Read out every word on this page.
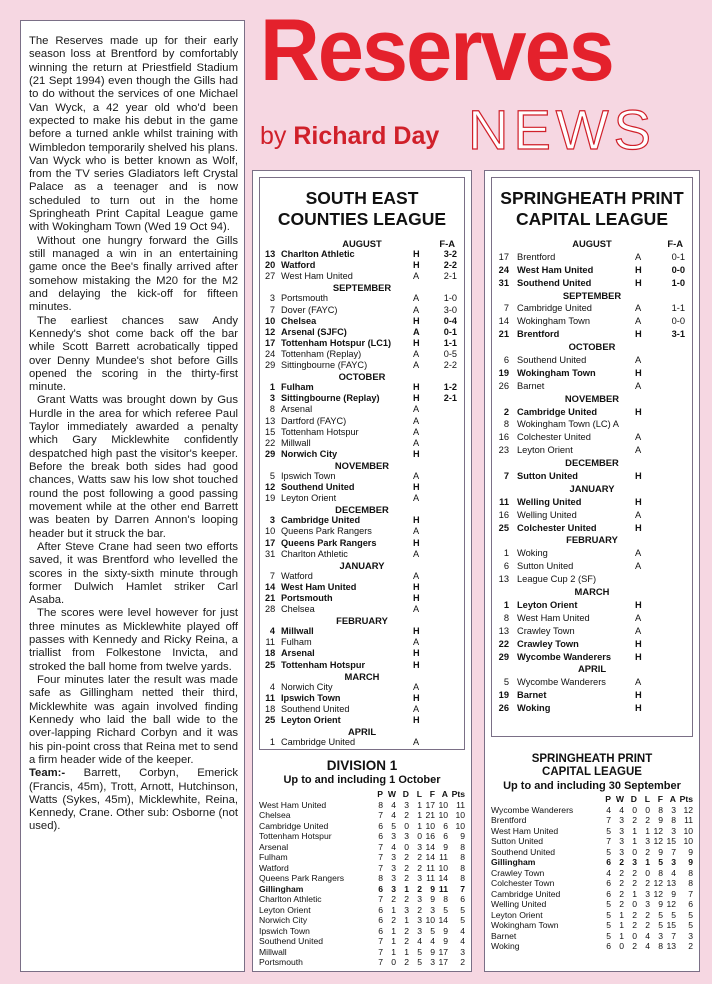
The Reserves made up for their early season loss at Brentford by comfortably winning the return at Priestfield Stadium (21 Sept 1994) even though the Gills had to do without the services of one Michael Van Wyck, a 42 year old who'd been expected to make his debut in the game before a turned ankle whilst training with Wimbledon temporarily shelved his plans. Van Wyck who is better known as Wolf, from the TV series Gladiators left Crystal Palace as a teenager and is now scheduled to turn out in the home Springheath Print Capital League game with Wokingham Town (Wed 19 Oct 94).

Without one hungry forward the Gills still managed a win in an entertaining game once the Bee's finally arrived after somehow mistaking the M20 for the M2 and delaying the kick-off for fifteen minutes.

The earliest chances saw Andy Kennedy's shot come back off the bar while Scott Barrett acrobatically tipped over Denny Mundee's shot before Gills opened the scoring in the thirty-first minute.

Grant Watts was brought down by Gus Hurdle in the area for which referee Paul Taylor immediately awarded a penalty which Gary Micklewhite confidently despatched high past the visitor's keeper. Before the break both sides had good chances, Watts saw his low shot touched round the post following a good passing movement while at the other end Barrett was beaten by Darren Annon's looping header but it struck the bar.

After Steve Crane had seen two efforts saved, it was Brentford who levelled the scores in the sixty-sixth minute through former Dulwich Hamlet striker Carl Asaba.

The scores were level however for just three minutes as Micklewhite played off passes with Kennedy and Ricky Reina, a triallist from Folkestone Invicta, and stroked the ball home from twelve yards.

Four minutes later the result was made safe as Gillingham netted their third, Micklewhite was again involved finding Kennedy who laid the ball wide to the over-lapping Richard Corbyn and it was his pin-point cross that Reina met to send a firm header wide of the keeper.

Team:- Barrett, Corbyn, Emerick (Francis, 45m), Trott, Arnott, Hutchinson, Watts (Sykes, 45m), Micklewhite, Reina, Kennedy, Crane. Other sub: Osborne (not used).

Reserves
by Richard Day NEWS
SOUTH EAST
COUNTIES LEAGUE
AUGUST	F-A
13 Charlton Athletic	H	3-2
20 Watford	H	2-2
27 West Ham United	A	2-1
SEPTEMBER
3 Portsmouth	A	1-0
7 Dover (FAYC)	A	3-0
10 Chelsea	H	0-4
12 Arsenal (SJFC)	A	0-1
17 Tottenham Hotspur (LC1)	H	1-1
24 Tottenham (Replay)	A	0-5
29 Sittingbourne (FAYC)	A	2-2
OCTOBER
1 Fulham	H	1-2
3 Sittingbourne (Replay)	H	2-1
8 Arsenal	A
13 Dartford (FAYC)	A
15 Tottenham Hotspur	A
22 Millwall	A
29 Norwich City	H
NOVEMBER
5 Ipswich Town	A
12 Southend United	H
19 Leyton Orient	A
DECEMBER
3 Cambridge United	H
10 Queens Park Rangers	A
17 Queens Park Rangers	H
31 Charlton Athletic	A
JANUARY
7 Watford	A
14 West Ham United	H
21 Portsmouth	H
28 Chelsea	A
FEBRUARY
4 Millwall	H
11 Fulham	A
18 Arsenal	H
25 Tottenham Hotspur	H
MARCH
4 Norwich City	A
11 Ipswich Town	H
18 Southend United	A
25 Leyton Orient	H
APRIL
1 Cambridge United	A
DIVISION 1
Up to and including 1 October
	P	W	D	L	F	A	Pts
West Ham United	8	4	3	1	17	10	11
Chelsea	7	4	2	1	21	10	10
Cambridge United	6	5	0	1	10	6	10
Tottenham Hotspur	6	3	3	0	16	6	9
Arsenal	7	4	0	3	14	9	8
Fulham	7	3	2	2	14	11	8
Watford	7	3	2	2	11	10	8
Queens Park Rangers	8	3	2	3	11	14	8
Gillingham	6	3	1	2	9	11	7
Charlton Athletic	7	2	2	3	9	8	6
Leyton Orient	6	1	3	2	3	5	5
Norwich City	6	2	1	3	10	14	5
Ipswich Town	6	1	2	3	5	9	4
Southend United	7	1	2	4	4	9	4
Millwall	7	1	1	5	9	17	3
Portsmouth	7	0	2	5	3	17	2
SPRINGHEATH PRINT
CAPITAL LEAGUE
AUGUST	F-A
17 Brentford	A	0-1
24 West Ham United	H	0-0
31 Southend United	H	1-0
SEPTEMBER
7 Cambridge United	A	1-1
14 Wokingham Town	A	0-0
21 Brentford	H	3-1
OCTOBER
6 Southend United	A
19 Wokingham Town	H
26 Barnet	A
NOVEMBER
2 Cambridge United	H
8 Wokingham Town (LC) A
16 Colchester United	A
23 Leyton Orient	A
DECEMBER
7 Sutton United	H
JANUARY
11 Welling United	H
16 Welling United	A
25 Colchester United	H
FEBRUARY
1 Woking	A
6 Sutton United	A
13 League Cup 2 (SF)
MARCH
1 Leyton Orient	H
8 West Ham United	A
13 Crawley Town	A
22 Crawley Town	H
29 Wycombe Wanderers	H
APRIL
5 Wycombe Wanderers	A
19 Barnet	H
26 Woking	H
SPRINGHEATH PRINT
CAPITAL LEAGUE
Up to and including 30 September
	P	W	D	L	F	A	Pts
Wycombe Wanderers	4	4	0	0	8	3	12
Brentford	7	3	2	2	9	8	11
West Ham United	5	3	1	1	12	3	10
Sutton United	7	3	1	3	12	15	10
Southend United	5	3	0	2	9	7	9
Gillingham	6	2	3	1	5	3	9
Crawley Town	4	2	2	0	8	4	8
Colchester Town	6	2	2	2	12	13	8
Cambridge United	6	2	1	3	12	9	7
Welling United	5	2	0	3	9	12	6
Leyton Orient	5	1	2	2	5	5	5
Wokingham Town	5	1	2	2	5	15	5
Barnet	5	1	0	4	3	7	3
Woking	6	0	2	4	8	13	2
